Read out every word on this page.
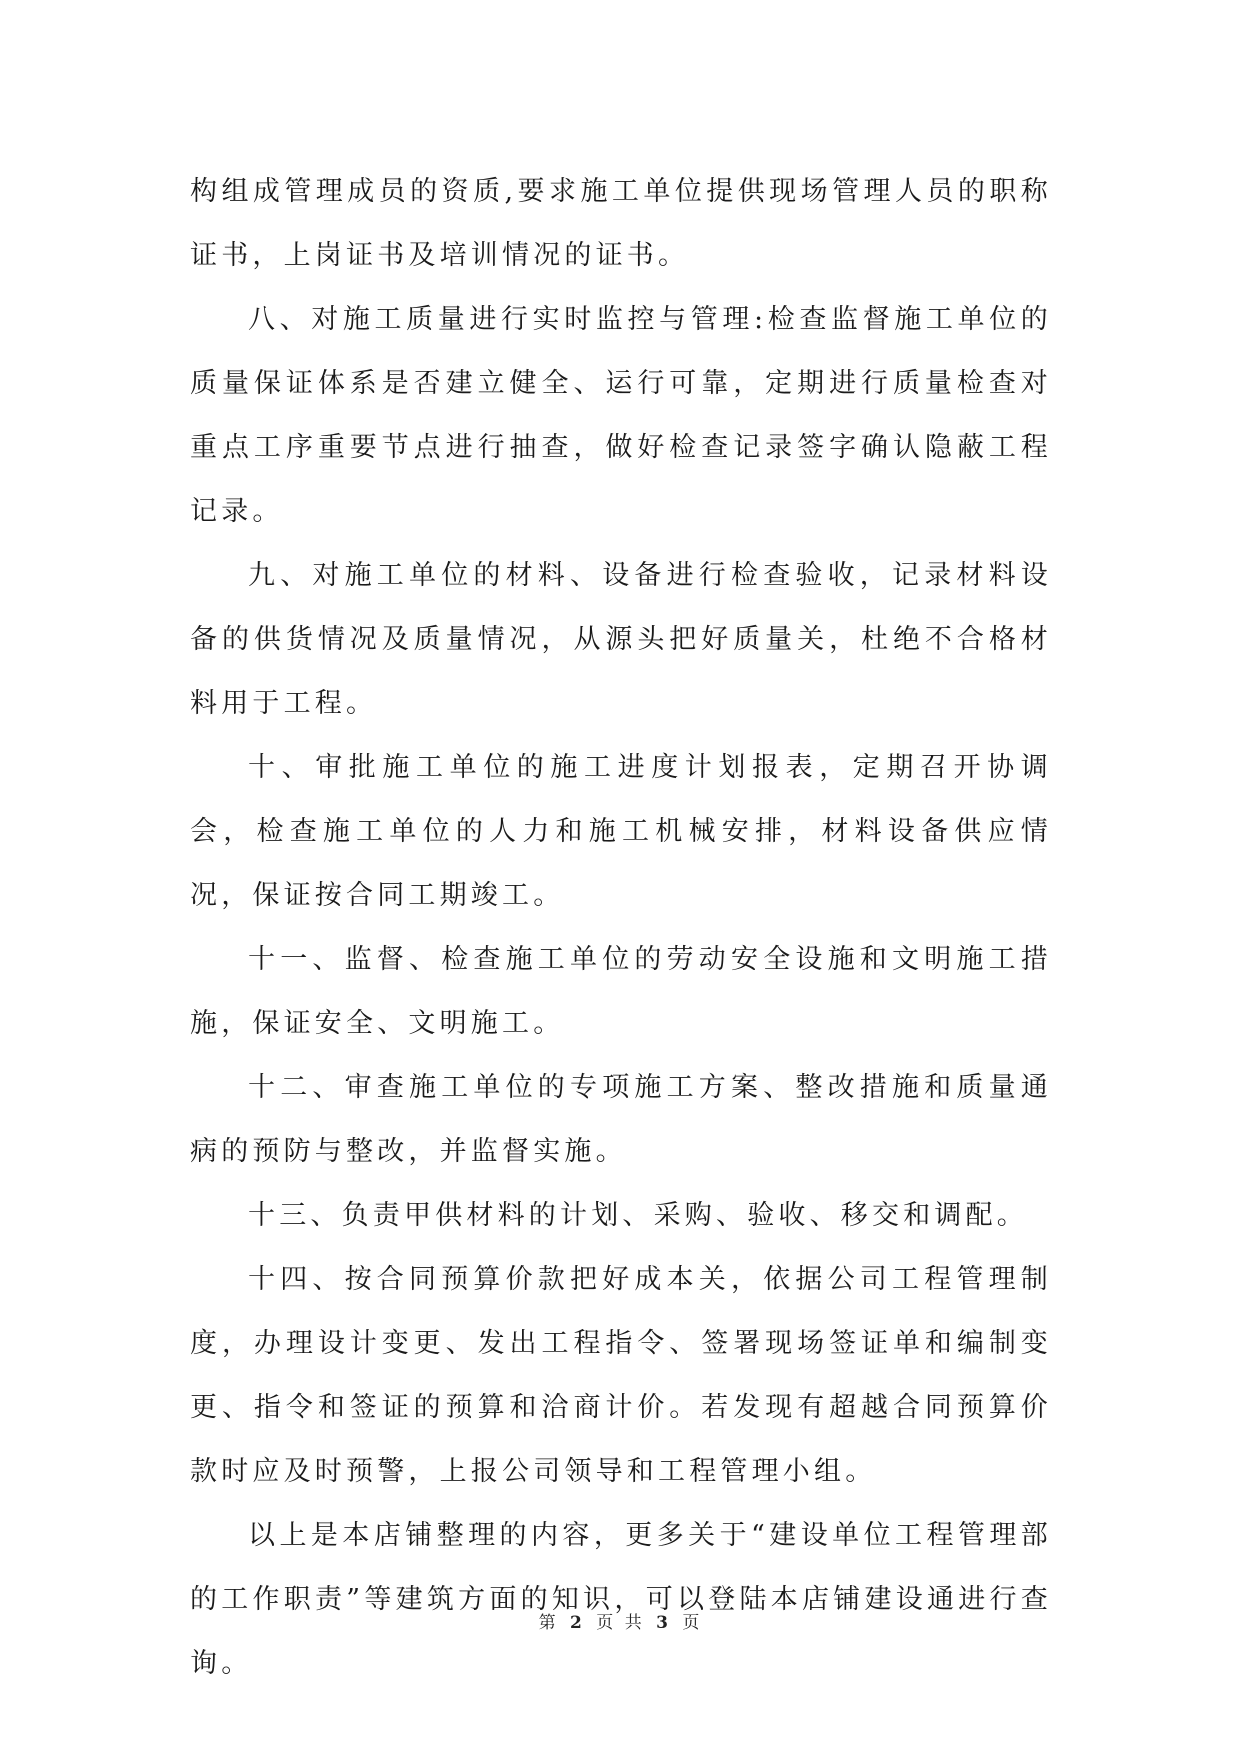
构组成管理成员的资质,要求施工单位提供现场管理人员的职称证书，上岗证书及培训情况的证书。

八、对施工质量进行实时监控与管理:检查监督施工单位的质量保证体系是否建立健全、运行可靠，定期进行质量检查对重点工序重要节点进行抽查，做好检查记录签字确认隐蔽工程记录。

九、对施工单位的材料、设备进行检查验收，记录材料设备的供货情况及质量情况，从源头把好质量关，杜绝不合格材料用于工程。

十、审批施工单位的施工进度计划报表，定期召开协调会，检查施工单位的人力和施工机械安排，材料设备供应情况，保证按合同工期竣工。

十一、监督、检查施工单位的劳动安全设施和文明施工措施，保证安全、文明施工。

十二、审查施工单位的专项施工方案、整改措施和质量通病的预防与整改，并监督实施。

十三、负责甲供材料的计划、采购、验收、移交和调配。

十四、按合同预算价款把好成本关，依据公司工程管理制度，办理设计变更、发出工程指令、签署现场签证单和编制变更、指令和签证的预算和洽商计价。若发现有超越合同预算价款时应及时预警，上报公司领导和工程管理小组。

以上是本店铺整理的内容，更多关于“建设单位工程管理部的工作职责”等建筑方面的知识，可以登陆本店铺建设通进行查询。

第 2 页 共 3 页
